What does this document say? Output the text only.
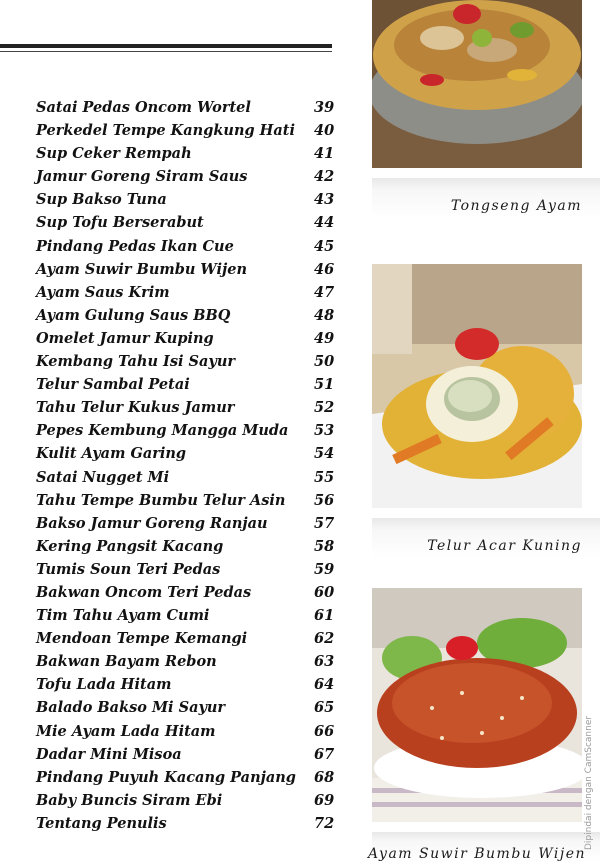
Satai Pedas Oncom Wortel	39
Perkedel Tempe Kangkung Hati 40
Sup Ceker Rempah	41
Jamur Goreng Siram Saus	42
Sup Bakso Tuna	43
Sup Tofu Berserabut	44
Pindang Pedas Ikan Cue	45
Ayam Suwir Bumbu Wijen	46
Ayam Saus Krim	47
Ayam Gulung Saus BBQ	48
Omelet Jamur Kuping	49
Kembang Tahu Isi Sayur	50
Telur Sambal Petai	51
Tahu Telur Kukus Jamur	52
Pepes Kembung Mangga Muda 53
Kulit Ayam Garing	54
Satai Nugget Mi	55
Tahu Tempe Bumbu Telur Asin 56
Bakso Jamur Goreng Ranjau	57
Kering Pangsit Kacang	58
Tumis Soun Teri Pedas	59
Bakwan Oncom Teri Pedas	60
Tim Tahu Ayam Cumi	61
Mendoan Tempe Kemangi	62
Bakwan Bayam Rebon	63
Tofu Lada Hitam	64
Balado Bakso Mi Sayur	65
Mie Ayam Lada Hitam	66
Dadar Mini Misoa	67
Pindang Puyuh Kacang Panjang 68
Baby Buncis Siram Ebi	69
Tentang Penulis	72
Tongseng Ayam
Telur Acar Kuning
Ayam Suwir Bumbu Wijen
Dipindai dengan CamScanner
